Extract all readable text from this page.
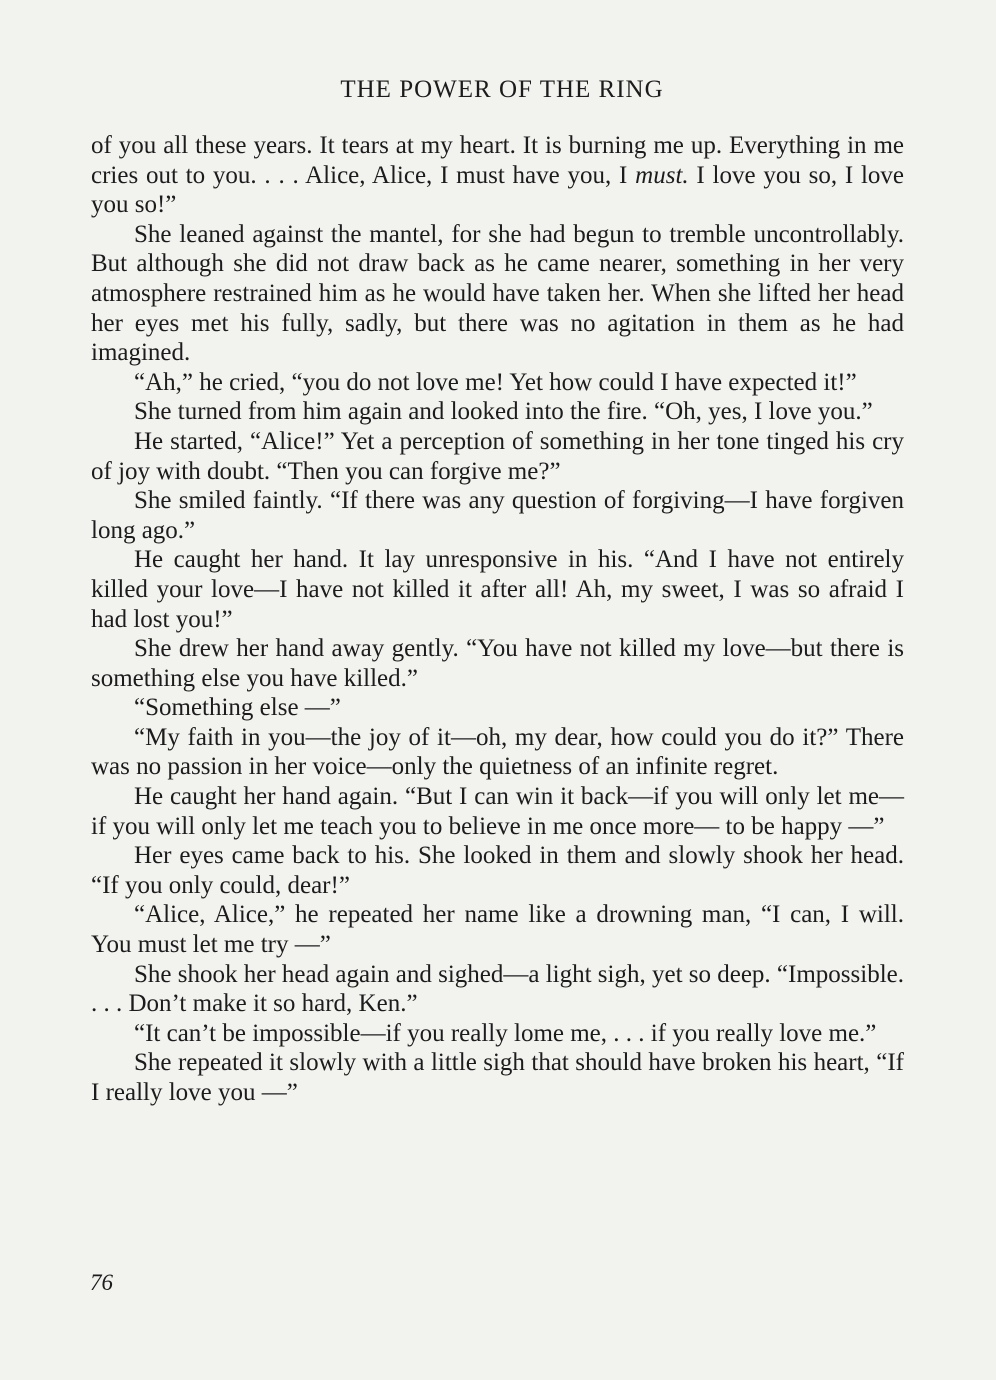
THE POWER OF THE RING

of you all these years. It tears at my heart. It is burning me up. Everything in me cries out to you. . . . Alice, Alice, I must have you, I must. I love you so, I love you so!”

She leaned against the mantel, for she had begun to tremble uncontrollably. But although she did not draw back as he came nearer, something in her very atmosphere restrained him as he would have taken her. When she lifted her head her eyes met his fully, sadly, but there was no agitation in them as he had imagined.

“Ah,” he cried, “you do not love me! Yet how could I have expected it!”

She turned from him again and looked into the fire. “Oh, yes, I love you.”

He started, “Alice!” Yet a perception of something in her tone tinged his cry of joy with doubt. “Then you can forgive me?”

She smiled faintly. “If there was any question of forgiving—I have forgiven long ago.”

He caught her hand. It lay unresponsive in his. “And I have not entirely killed your love—I have not killed it after all! Ah, my sweet, I was so afraid I had lost you!”

She drew her hand away gently. “You have not killed my love—but there is something else you have killed.”

“Something else —”

“My faith in you—the joy of it—oh, my dear, how could you do it?” There was no passion in her voice—only the quietness of an infinite regret.

He caught her hand again. “But I can win it back—if you will only let me—if you will only let me teach you to believe in me once more— to be happy —”

Her eyes came back to his. She looked in them and slowly shook her head. “If you only could, dear!”

“Alice, Alice,” he repeated her name like a drowning man, “I can, I will. You must let me try —”

She shook her head again and sighed—a light sigh, yet so deep. “Impossible. . . . Don’t make it so hard, Ken.”

“It can’t be impossible—if you really lome me, . . . if you really love me.”

She repeated it slowly with a little sigh that should have broken his heart, “If I really love you —”

76
